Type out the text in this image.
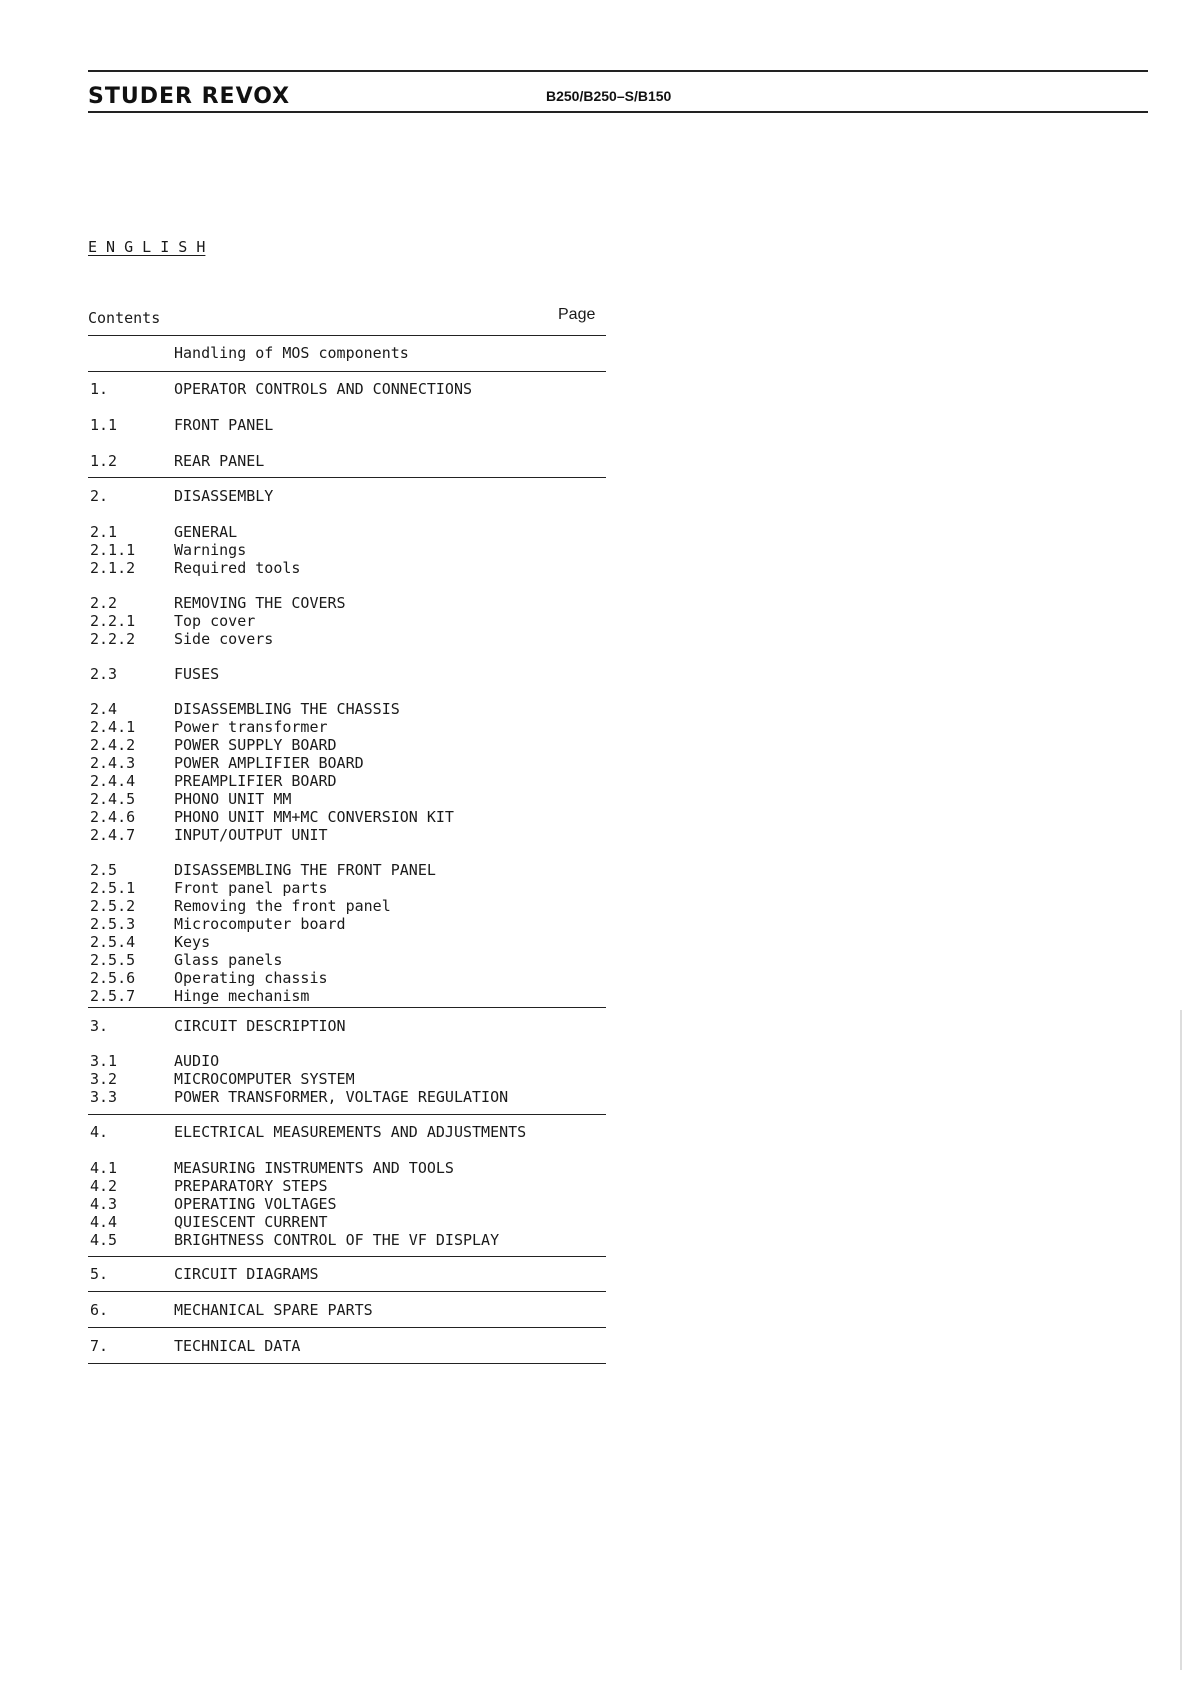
STUDER REVOX	B250/B250–S/B150
E N G L I S H
Contents	Page
Handling of MOS components
1.	OPERATOR CONTROLS AND CONNECTIONS
1.1	FRONT PANEL
1.2	REAR PANEL
2.	DISASSEMBLY
2.1	GENERAL
2.1.1	Warnings
2.1.2	Required tools
2.2	REMOVING THE COVERS
2.2.1	Top cover
2.2.2	Side covers
2.3	FUSES
2.4	DISASSEMBLING THE CHASSIS
2.4.1	Power transformer
2.4.2	POWER SUPPLY BOARD
2.4.3	POWER AMPLIFIER BOARD
2.4.4	PREAMPLIFIER BOARD
2.4.5	PHONO UNIT MM
2.4.6	PHONO UNIT MM+MC CONVERSION KIT
2.4.7	INPUT/OUTPUT UNIT
2.5	DISASSEMBLING THE FRONT PANEL
2.5.1	Front panel parts
2.5.2	Removing the front panel
2.5.3	Microcomputer board
2.5.4	Keys
2.5.5	Glass panels
2.5.6	Operating chassis
2.5.7	Hinge mechanism
3.	CIRCUIT DESCRIPTION
3.1	AUDIO
3.2	MICROCOMPUTER SYSTEM
3.3	POWER TRANSFORMER, VOLTAGE REGULATION
4.	ELECTRICAL MEASUREMENTS AND ADJUSTMENTS
4.1	MEASURING INSTRUMENTS AND TOOLS
4.2	PREPARATORY STEPS
4.3	OPERATING VOLTAGES
4.4	QUIESCENT CURRENT
4.5	BRIGHTNESS CONTROL OF THE VF DISPLAY
5.	CIRCUIT DIAGRAMS
6.	MECHANICAL SPARE PARTS
7.	TECHNICAL DATA
